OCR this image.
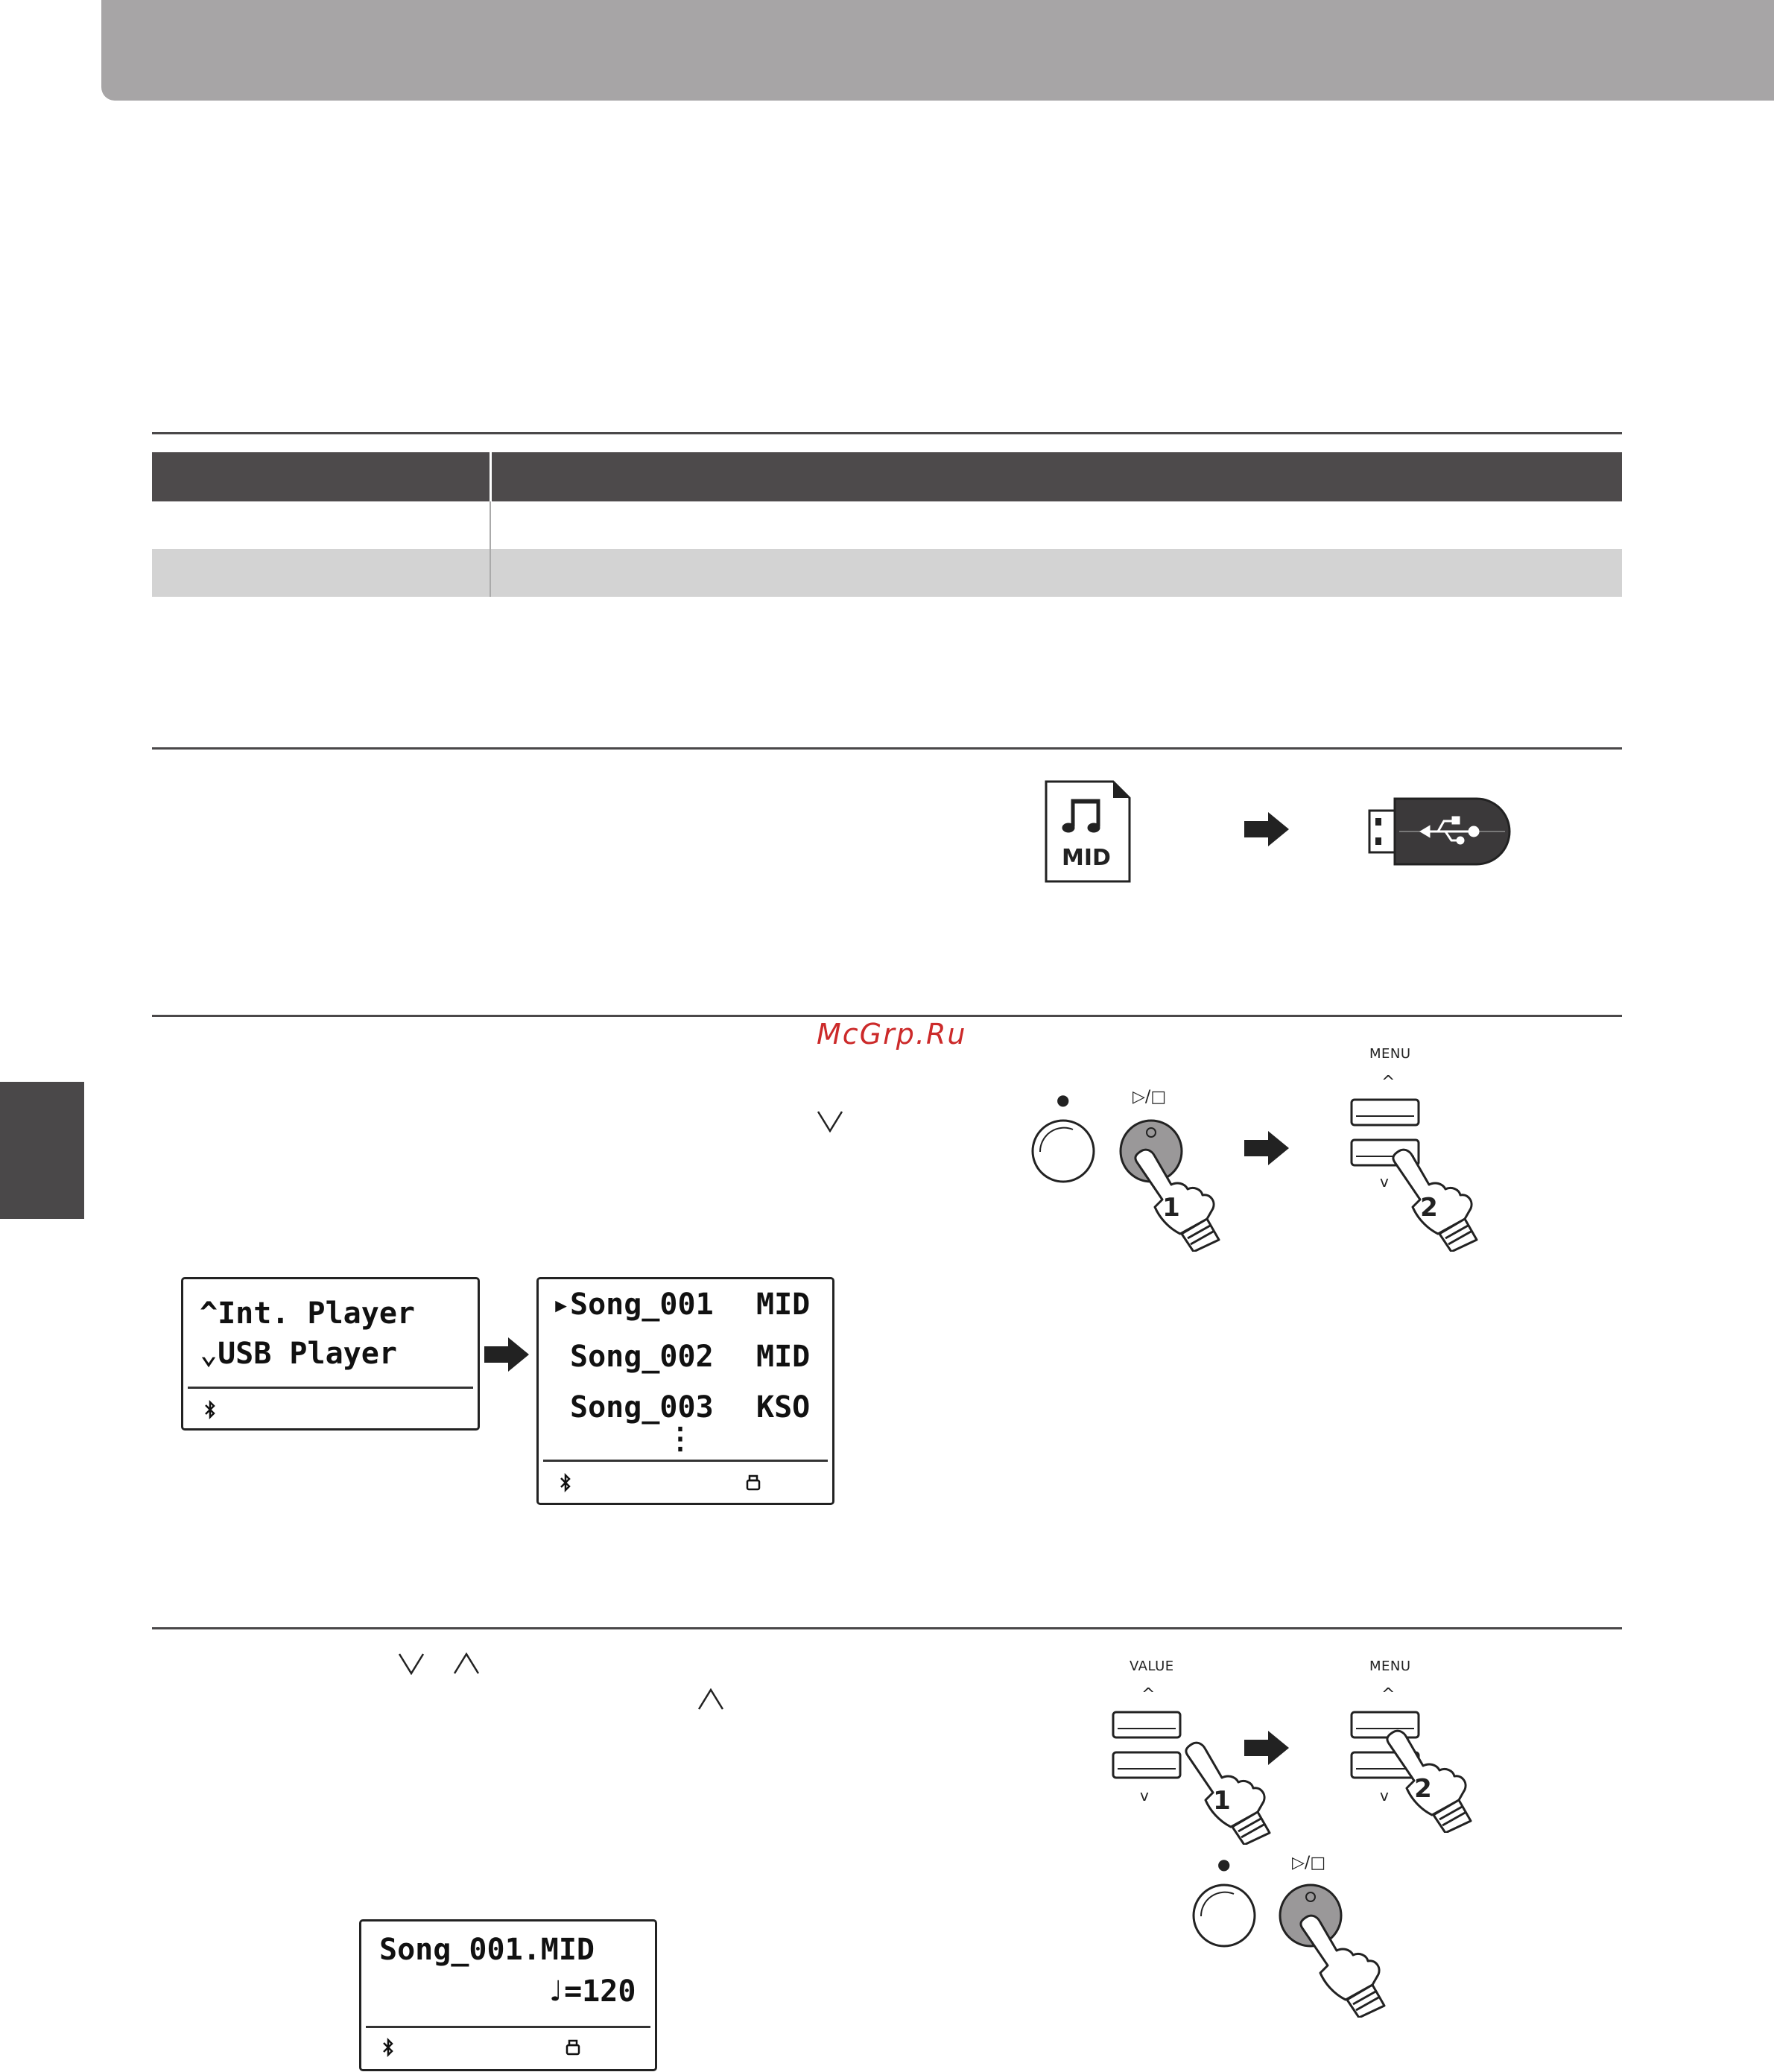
McGrp.Ru
MID
●	▷/□
1
MENU
^
v
2
^Int. Player
⌄USB Player
▸ Song_001 MID
Song_002 MID
Song_003 KSO
⋮
VALUE
^
v	1
MENU
^
v 2
●	▷/□
Song_001.MID
♩=120
